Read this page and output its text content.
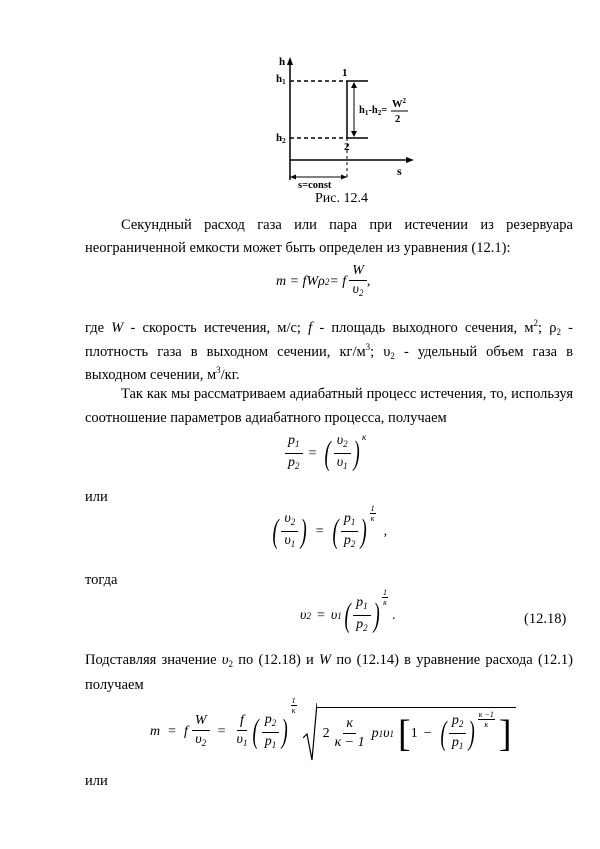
h
h1
h2
1
2
h1-h2=
$W^2$
2
s
s=const
Рис. 12.4
Секундный расход газа или пара при истечении из резервуара
неограниченной емкости может быть определен из уравнения (12.1):
m = fWρ 2 = f $\frac{W}{\upsilon_2}$ ,
где W - скорость истечения, м/с; f - площадь выходного сечения, $м^2$; $\rho_2$ -
плотность газа в выходном сечении, $кг/м^3$; $\upsilon_2$ - удельный объем газа в
выходном сечении, $м^3/кг$.
Так как мы рассматриваем адиабатный процесс истечения, то, используя
соотношение параметров адиабатного процесса, получаем
$\frac{p_1}{p_2}$ = ( $\frac{\upsilon_2}{\upsilon_1}$ ) к
или
( $\frac{\upsilon_2}{\upsilon_1}$ ) = ( $\frac{p_1}{p_2}$ ) $\frac{1}{к}$
,
тогда
υ 2 = υ 1 ( $\frac{p_1}{p_2}$ ) $\frac{1}{к}$
.	(12.18)
Подставляя значение $\upsilon_2$ по (12.18) и W по (12.14) в уравнение расхода (12.1)
получаем
m = f $\frac{W}{\upsilon_2} = \frac{f}{\upsilon_1}$ ( $\frac{p_2}{p_1}$ )
$\frac{1}{к}$
$2 \frac{к}{к - 1}$ p 1 υ 1 [ 1 − ( $\frac{p_2}{p_1}$ ) $\frac{к -1}{к}$ ]
или
